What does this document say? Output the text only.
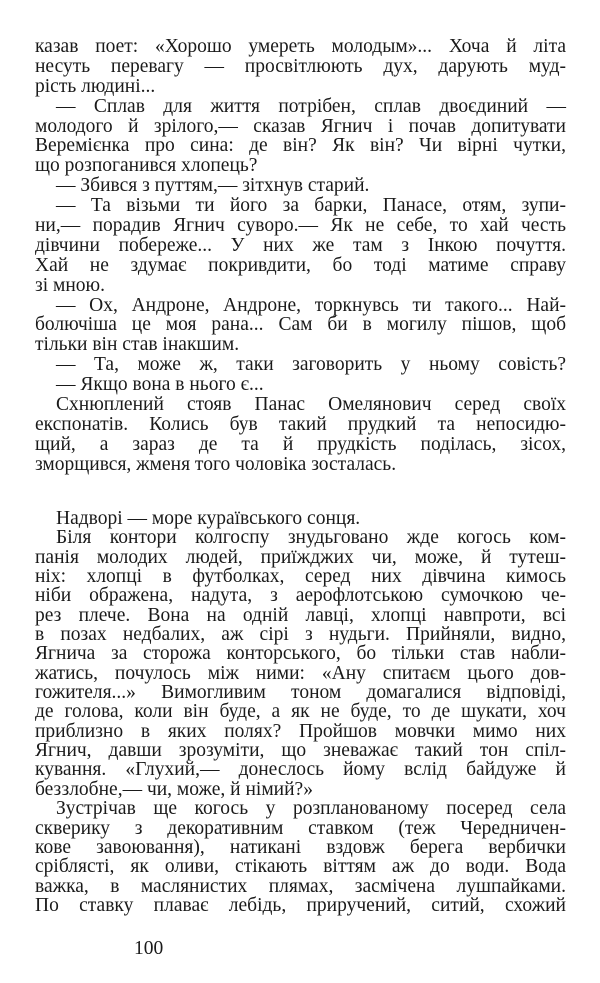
казав поет: «Хорошо умереть молодым»... Хоча й літа
несуть перевагу — просвітлюють дух, дарують муд-
рість людині...
— Сплав для життя потрібен, сплав двоєдиний —
молодого й зрілого,— сказав Ягнич і почав допитувати
Веремієнка про сина: де він? Як він? Чи вірні чутки,
що розпоганився хлопець?
— Збився з путтям,— зітхнув старий.
— Та візьми ти його за барки, Панасе, отям, зупи-
ни,— порадив Ягнич суворо.— Як не себе, то хай честь
дівчини побереже... У них же там з Інкою почуття.
Хай не здумає покривдити, бо тоді матиме справу
зі мною.
— Ох, Андроне, Андроне, торкнувсь ти такого... Най-
болючіша це моя рана... Сам би в могилу пішов, щоб
тільки він став інакшим.
— Та, може ж, таки заговорить у ньому совість?
— Якщо вона в нього є...
Схнюплений стояв Панас Омелянович серед своїх
експонатів. Колись був такий прудкий та непосидю-
щий, а зараз де та й прудкість поділась, зісох,
зморщився, жменя того чоловіка зосталась.
Надворі — море кураївського сонця.
Біля контори колгоспу знудьговано жде когось ком-
панія молодих людей, приїжджих чи, може, й тутеш-
ніх: хлопці в футболках, серед них дівчина кимось
ніби ображена, надута, з аерофлотською сумочкою че-
рез плече. Вона на одній лавці, хлопці навпроти, всі
в позах недбалих, аж сірі з нудьги. Прийняли, видно,
Ягнича за сторожа конторського, бо тільки став набли-
жатись, почулось між ними: «Ану спитаєм цього дов-
гожителя...» Вимогливим тоном домагалися відповіді,
де голова, коли він буде, а як не буде, то де шукати, хоч
приблизно в яких полях? Пройшов мовчки мимо них
Ягнич, давши зрозуміти, що зневажає такий тон спіл-
кування. «Глухий,— донеслось йому вслід байдуже й
беззлобне,— чи, може, й німий?»
Зустрічав ще когось у розпланованому посеред села
скверику з декоративним ставком (теж Чередничен-
кове завоювання), натикані вздовж берега вербички
сріблясті, як оливи, стікають віттям аж до води. Вода
важка, в маслянистих плямах, засмічена лушпайками.
По ставку плаває лебідь, приручений, ситий, схожий
100
